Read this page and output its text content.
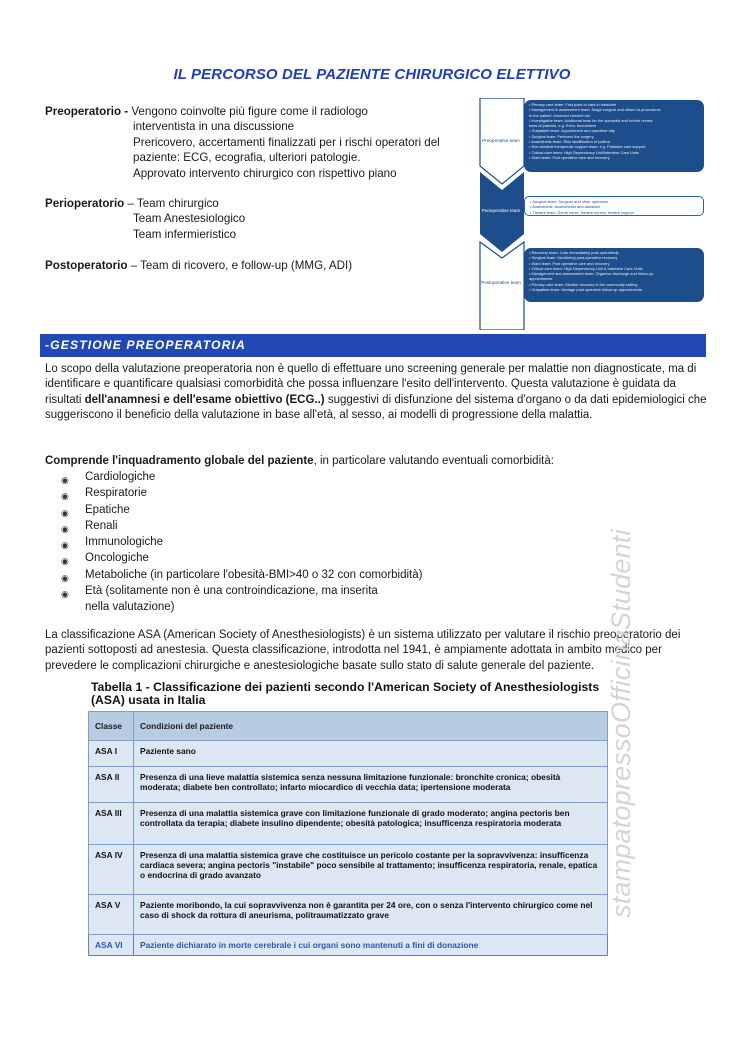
IL PERCORSO DEL PAZIENTE CHIRURGICO ELETTIVO
Preoperatorio - Vengono coinvolte più figure come il radiologo
interventista in una discussione
Prericovero, accertamenti finalizzati per i rischi operatori del
paziente: ECG, ecografia, ulteriori patologie.
Approvato intervento chirurgico con rispettivo piano
Perioperatorio – Team chirurgico
Team Anestesiologico
Team infermieristico
Postoperatorio – Team di ricovero, e follow-up (MMG, ADI)
Preoperative team
Perioperative team
Postoperative team
• Primary care team: First point of care in medicine
• Management & assessment team: Stage surgical and inform to procedures
to the patient, informed consent etc.
• Investigative team: Additional tests for the specialist and further review
tests of patients, e.g. Echo, biomarkers
• Outpatient team: Appointment and operative day
• Surgical team: Performs the surgery
• Anaesthetic team: Risk stratification of patient
• Non-medical therapeutic support team: e.g. Palliative care support
• Critical care team: High Dependency Unit/Intensive Care Units
• Ward team: Post operative care and recovery
• Surgical team: Surgeon and other operators
• Anaesthetic: Anaesthetist and assistant
• Theatre team: Scrub nurse, theatre nurses, theatre support
• Recovery team: Care immediately post-operatively
• Surgical team: Monitoring post-operative recovery
• Ward team: Post operative care and recovery
• Critical care team: High Dependency Unit & Intensive Care Units
• Management and assessment team: Organise discharge and follow-up
appointments
• Primary care team: Monitor recovery in the community setting
• Outpatient team: Manage post operative follow-up appointments
-GESTIONE PREOPERATORIA
Lo scopo della valutazione preoperatoria non è quello di effettuare uno screening generale per malattie non diagnosticate, ma di identificare e quantificare qualsiasi comorbidità che possa influenzare l'esito dell'intervento. Questa valutazione è guidata da risultati dell'anamnesi e dell'esame obiettivo (ECG..) suggestivi di disfunzione del sistema d'organo o da dati epidemiologici che suggeriscono il beneficio della valutazione in base all'età, al sesso, ai modelli di progressione della malattia.
Comprende l'inquadramento globale del paziente, in particolare valutando eventuali comorbidità:
◉ Cardiologiche
◉ Respiratorie
◉ Epatiche
◉ Renali
◉ Immunologiche
◉ Oncologiche
◉ Metaboliche (in particolare l'obesità-BMI>40 o 32 con comorbidità)
◉ Età (solitamente non è una controindicazione, ma inserita nella valutazione)
La classificazione ASA (American Society of Anesthesiologists) è un sistema utilizzato per valutare il rischio preoperatorio dei pazienti sottoposti ad anestesia. Questa classificazione, introdotta nel 1941, è ampiamente adottata in ambito medico per prevedere le complicazioni chirurgiche e anestesiologiche basate sullo stato di salute generale del paziente.
Tabella 1 - Classificazione dei pazienti secondo l'American Society of Anesthesiologists (ASA) usata in Italia
Classe	Condizioni del paziente
ASA I	Paziente sano
ASA II	Presenza di una lieve malattia sistemica senza nessuna limitazione funzionale: bronchite cronica; obesità moderata; diabete ben controllato; infarto miocardico di vecchia data; ipertensione moderata
ASA III	Presenza di una malattia sistemica grave con limitazione funzionale di grado moderato; angina pectoris ben controllata da terapia; diabete insulino dipendente; obesità patologica; insufficenza respiratoria moderata
ASA IV	Presenza di una malattia sistemica grave che costituisce un pericolo costante per la sopravvivenza: insufficenza cardiaca severa; angina pectoris "instabile" poco sensibile al trattamento; insufficenza respiratoria, renale, epatica o endocrina di grado avanzato
ASA V	Paziente moribondo, la cui sopravvivenza non è garantita per 24 ore, con o senza l'intervento chirurgico come nel caso di shock da rottura di aneurisma, politraumatizzato grave
ASA VI	Paziente dichiarato in morte cerebrale i cui organi sono mantenuti a fini di donazione
stampatopressoOfficinaStudenti
